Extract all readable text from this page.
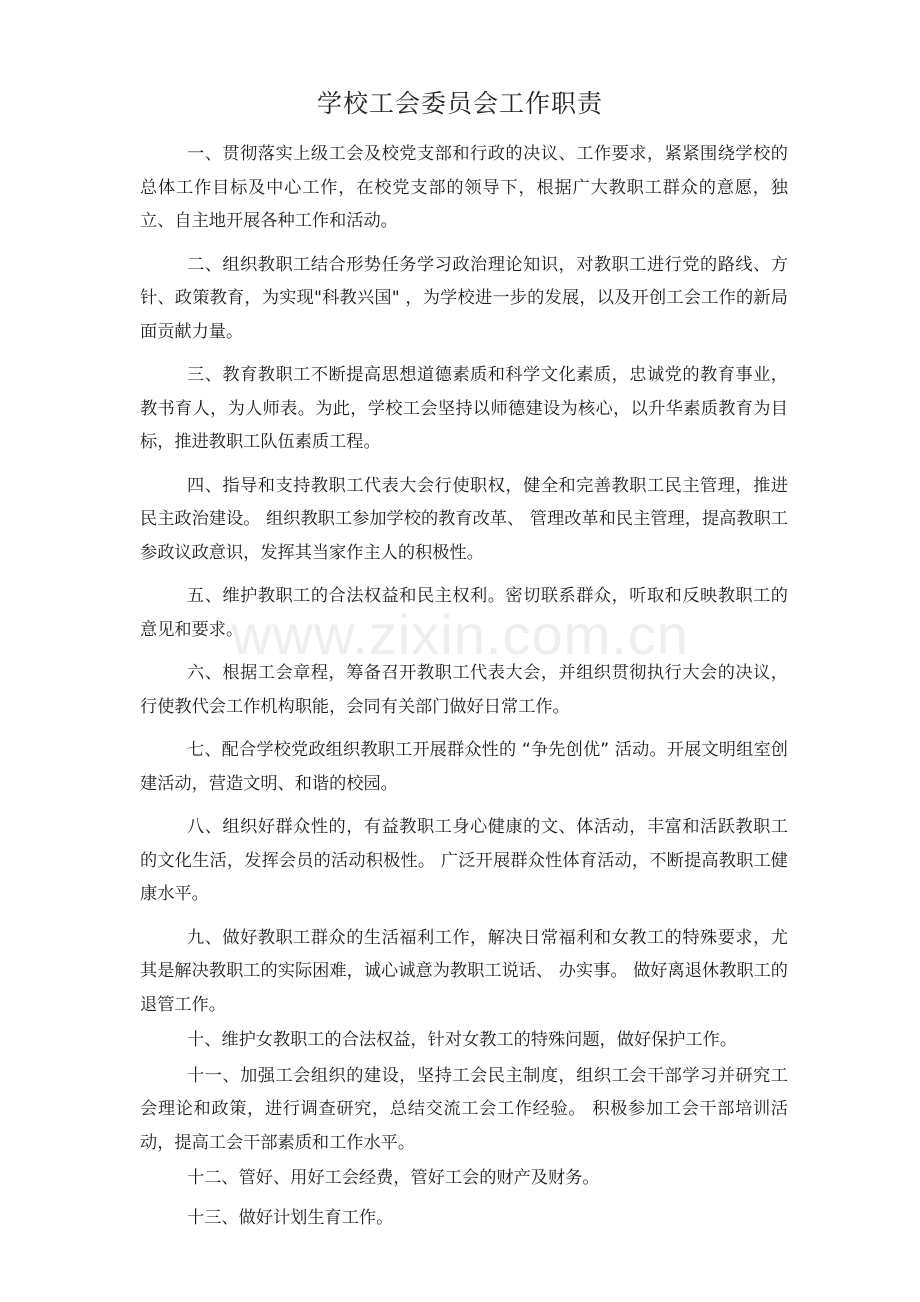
学校工会委员会工作职责

一、贯彻落实上级工会及校党支部和行政的决议、工作要求，紧紧围绕学校的总体工作目标及中心工作，在校党支部的领导下，根据广大教职工群众的意愿，独立、自主地开展各种工作和活动。

二、组织教职工结合形势任务学习政治理论知识，对教职工进行党的路线、方针、政策教育，为实现"科教兴国" ，为学校进一步的发展，以及开创工会工作的新局面贡献力量。

三、教育教职工不断提高思想道德素质和科学文化素质，忠诚党的教育事业，教书育人，为人师表。为此，学校工会坚持以师德建设为核心，以升华素质教育为目标，推进教职工队伍素质工程。

四、指导和支持教职工代表大会行使职权，健全和完善教职工民主管理，推进民主政治建设。 组织教职工参加学校的教育改革、 管理改革和民主管理，提高教职工参政议政意识，发挥其当家作主人的积极性。

五、维护教职工的合法权益和民主权利。密切联系群众，听取和反映教职工的意见和要求。

六、根据工会章程，筹备召开教职工代表大会，并组织贯彻执行大会的决议，行使教代会工作机构职能，会同有关部门做好日常工作。

七、配合学校党政组织教职工开展群众性的 “争先创优” 活动。开展文明组室创建活动，营造文明、和谐的校园。

八、组织好群众性的，有益教职工身心健康的文、体活动，丰富和活跃教职工的文化生活，发挥会员的活动积极性。 广泛开展群众性体育活动，不断提高教职工健康水平。

九、做好教职工群众的生活福利工作，解决日常福利和女教工的特殊要求，尤其是解决教职工的实际困难，诚心诚意为教职工说话、 办实事。 做好离退休教职工的退管工作。

十、维护女教职工的合法权益，针对女教工的特殊问题，做好保护工作。

十一、加强工会组织的建设，坚持工会民主制度，组织工会干部学习并研究工会理论和政策，进行调查研究，总结交流工会工作经验。 积极参加工会干部培训活动，提高工会干部素质和工作水平。

十二、管好、用好工会经费，管好工会的财产及财务。

十三、做好计划生育工作。

www.zixin.com.cn
